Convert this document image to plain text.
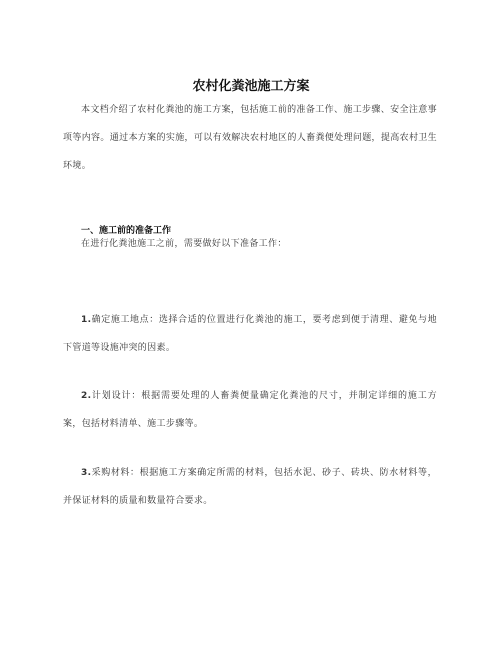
农村化粪池施工方案
本文档介绍了农村化粪池的施工方案，包括施工前的准备工作、施工步骤、安全注意事项等内容。通过本方案的实施，可以有效解决农村地区的人畜粪便处理问题，提高农村卫生环境。
一、施工前的准备工作
在进行化粪池施工之前，需要做好以下准备工作：
1.确定施工地点：选择合适的位置进行化粪池的施工，要考虑到便于清理、避免与地下管道等设施冲突的因素。
2.计划设计：根据需要处理的人畜粪便量确定化粪池的尺寸，并制定详细的施工方案，包括材料清单、施工步骤等。
3.采购材料：根据施工方案确定所需的材料，包括水泥、砂子、砖块、防水材料等，并保证材料的质量和数量符合要求。
